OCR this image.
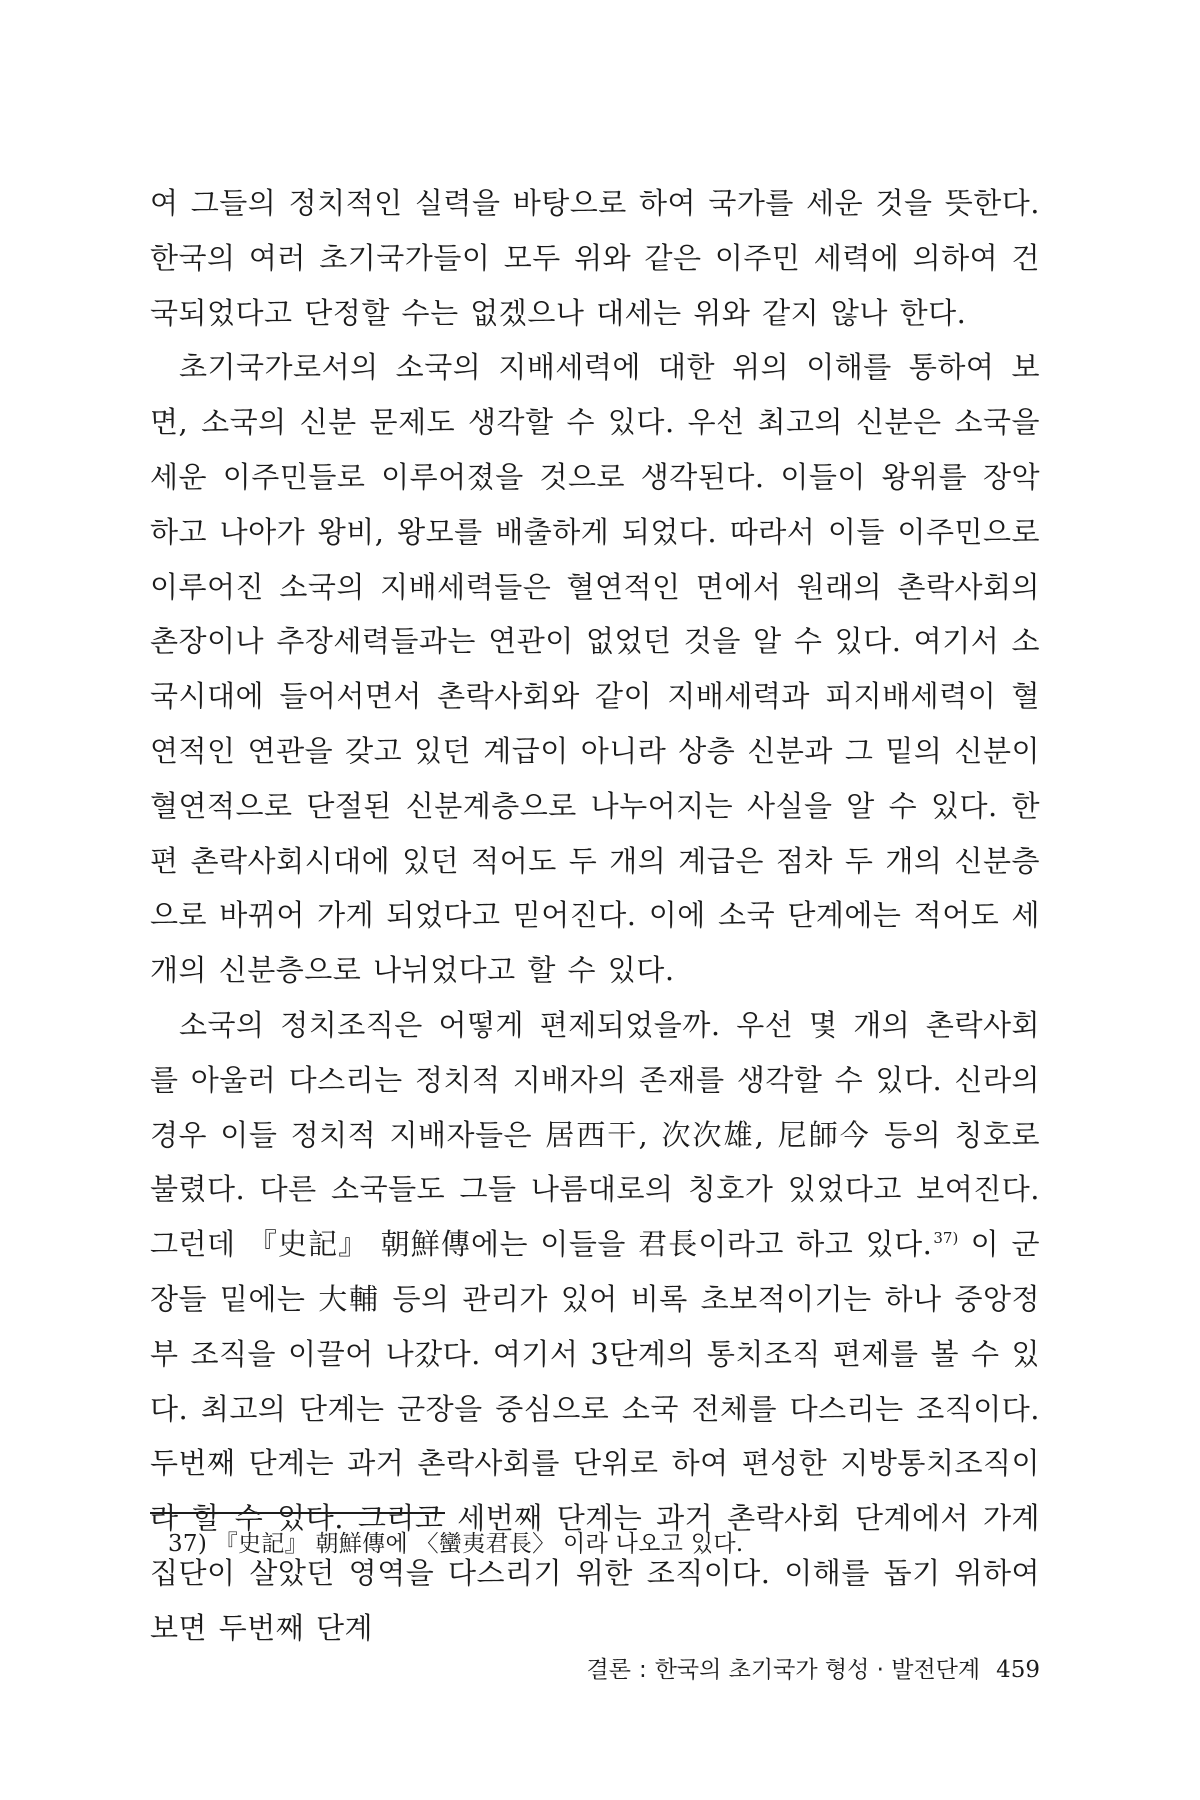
여 그들의 정치적인 실력을 바탕으로 하여 국가를 세운 것을 뜻한다. 한국의 여러 초기국가들이 모두 위와 같은 이주민 세력에 의하여 건국되었다고 단정할 수는 없겠으나 대세는 위와 같지 않나 한다.

초기국가로서의 소국의 지배세력에 대한 위의 이해를 통하여 보면, 소국의 신분 문제도 생각할 수 있다. 우선 최고의 신분은 소국을 세운 이주민들로 이루어졌을 것으로 생각된다. 이들이 왕위를 장악하고 나아가 왕비, 왕모를 배출하게 되었다. 따라서 이들 이주민으로 이루어진 소국의 지배세력들은 혈연적인 면에서 원래의 촌락사회의 촌장이나 추장세력들과는 연관이 없었던 것을 알 수 있다. 여기서 소국시대에 들어서면서 촌락사회와 같이 지배세력과 피지배세력이 혈연적인 연관을 갖고 있던 계급이 아니라 상층 신분과 그 밑의 신분이 혈연적으로 단절된 신분계층으로 나누어지는 사실을 알 수 있다. 한편 촌락사회시대에 있던 적어도 두 개의 계급은 점차 두 개의 신분층으로 바뀌어 가게 되었다고 믿어진다. 이에 소국 단계에는 적어도 세 개의 신분층으로 나뉘었다고 할 수 있다.

소국의 정치조직은 어떻게 편제되었을까. 우선 몇 개의 촌락사회를 아울러 다스리는 정치적 지배자의 존재를 생각할 수 있다. 신라의 경우 이들 정치적 지배자들은 居西干, 次次雄, 尼師今 등의 칭호로 불렸다. 다른 소국들도 그들 나름대로의 칭호가 있었다고 보여진다. 그런데 『史記』 朝鮮傳에는 이들을 君長이라고 하고 있다.$^{37)}$ 이 군장들 밑에는 大輔 등의 관리가 있어 비록 초보적이기는 하나 중앙정부 조직을 이끌어 나갔다. 여기서 3단계의 통치조직 편제를 볼 수 있다. 최고의 단계는 군장을 중심으로 소국 전체를 다스리는 조직이다. 두번째 단계는 과거 촌락사회를 단위로 하여 편성한 지방통치조직이라 할 수 있다. 그리고 세번째 단계는 과거 촌락사회 단계에서 가계집단이 살았던 영역을 다스리기 위한 조직이다. 이해를 돕기 위하여 보면 두번째 단계

37) 『史記』 朝鮮傳에 〈蠻夷君長〉 이라 나오고 있다.
결론 : 한국의 초기국가 형성 · 발전단계 459
